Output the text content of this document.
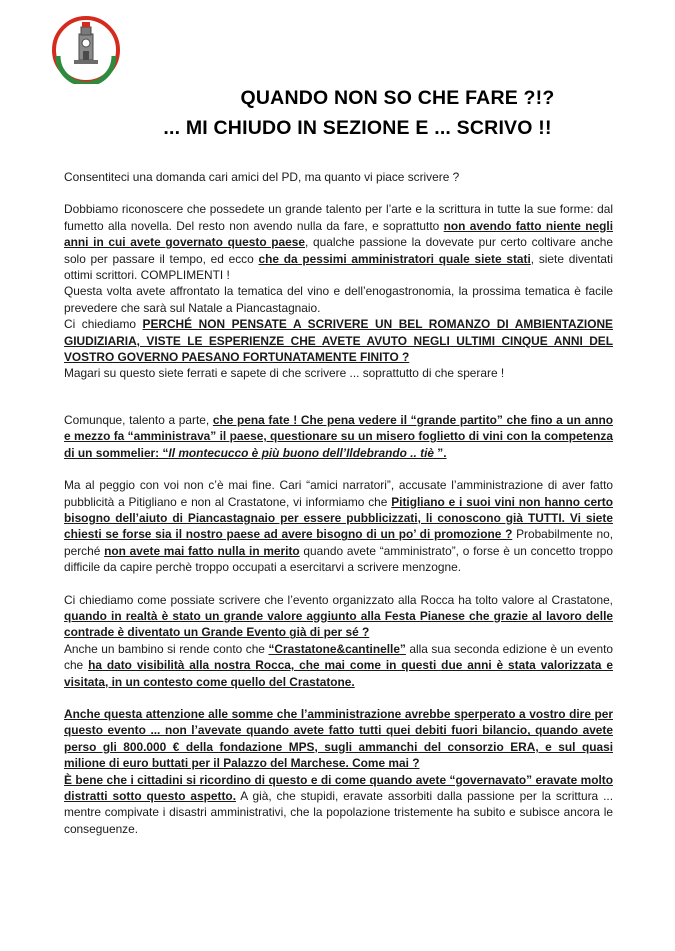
QUANDO NON SO CHE FARE ?!?
... MI CHIUDO IN SEZIONE E ... SCRIVO !!

Consentiteci una domanda cari amici del PD, ma quanto vi piace scrivere ?

Dobbiamo riconoscere che possedete un grande talento per l’arte e la scrittura in tutte la sue forme: dal fumetto alla novella. Del resto non avendo nulla da fare, e soprattutto non avendo fatto niente negli anni in cui avete governato questo paese, qualche passione la dovevate pur certo coltivare anche solo per passare il tempo, ed ecco che da pessimi amministratori quale siete stati, siete diventati ottimi scrittori. COMPLIMENTI !

Questa volta avete affrontato la tematica del vino e dell’enogastronomia, la prossima tematica è facile prevedere che sarà sul Natale a Piancastagnaio.

Ci chiediamo PERCHÉ NON PENSATE A SCRIVERE UN BEL ROMANZO DI AMBIENTAZIONE GIUDIZIARIA, VISTE LE ESPERIENZE CHE AVETE AVUTO NEGLI ULTIMI CINQUE ANNI DEL VOSTRO GOVERNO PAESANO FORTUNATAMENTE FINITO ?

Magari su questo siete ferrati e sapete di che scrivere ... soprattutto di che sperare !

Comunque, talento a parte, che pena fate ! Che pena vedere il “grande partito” che fino a un anno e mezzo fa “amministrava” il paese, questionare su un misero foglietto di vini con la competenza di un sommelier: “Il montecucco è più buono dell’Ildebrando .. tiè ”.

Ma al peggio con voi non c’è mai fine. Cari “amici narratori”, accusate l’amministrazione di aver fatto pubblicità a Pitigliano e non al Crastatone, vi informiamo che Pitigliano e i suoi vini non hanno certo bisogno dell’aiuto di Piancastagnaio per essere pubblicizzati, li conoscono già TUTTI. Vi siete chiesti se forse sia il nostro paese ad avere bisogno di un po’ di promozione ? Probabilmente no, perché non avete mai fatto nulla in merito quando avete “amministrato”, o forse è un concetto troppo difficile da capire perchè troppo occupati a esercitarvi a scrivere menzogne.

Ci chiediamo come possiate scrivere che l’evento organizzato alla Rocca ha tolto valore al Crastatone, quando in realtà è stato un grande valore aggiunto alla Festa Pianese che grazie al lavoro delle contrade è diventato un Grande Evento già di per sé ?

Anche un bambino si rende conto che “Crastatone&cantinelle” alla sua seconda edizione è un evento che ha dato visibilità alla nostra Rocca, che mai come in questi due anni è stata valorizzata e visitata, in un contesto come quello del Crastatone.

Anche questa attenzione alle somme che l’amministrazione avrebbe sperperato a vostro dire per questo evento ... non l’avevate quando avete fatto tutti quei debiti fuori bilancio, quando avete perso gli 800.000 € della fondazione MPS, sugli ammanchi del consorzio ERA, e sul quasi milione di euro buttati per il Palazzo del Marchese. Come mai ?

È bene che i cittadini si ricordino di questo e di come quando avete “governavato” eravate molto distratti sotto questo aspetto. A già, che stupidi, eravate assorbiti dalla passione per la scrittura ... mentre compivate i disastri amministrativi, che la popolazione tristemente ha subito e subisce ancora le conseguenze.
